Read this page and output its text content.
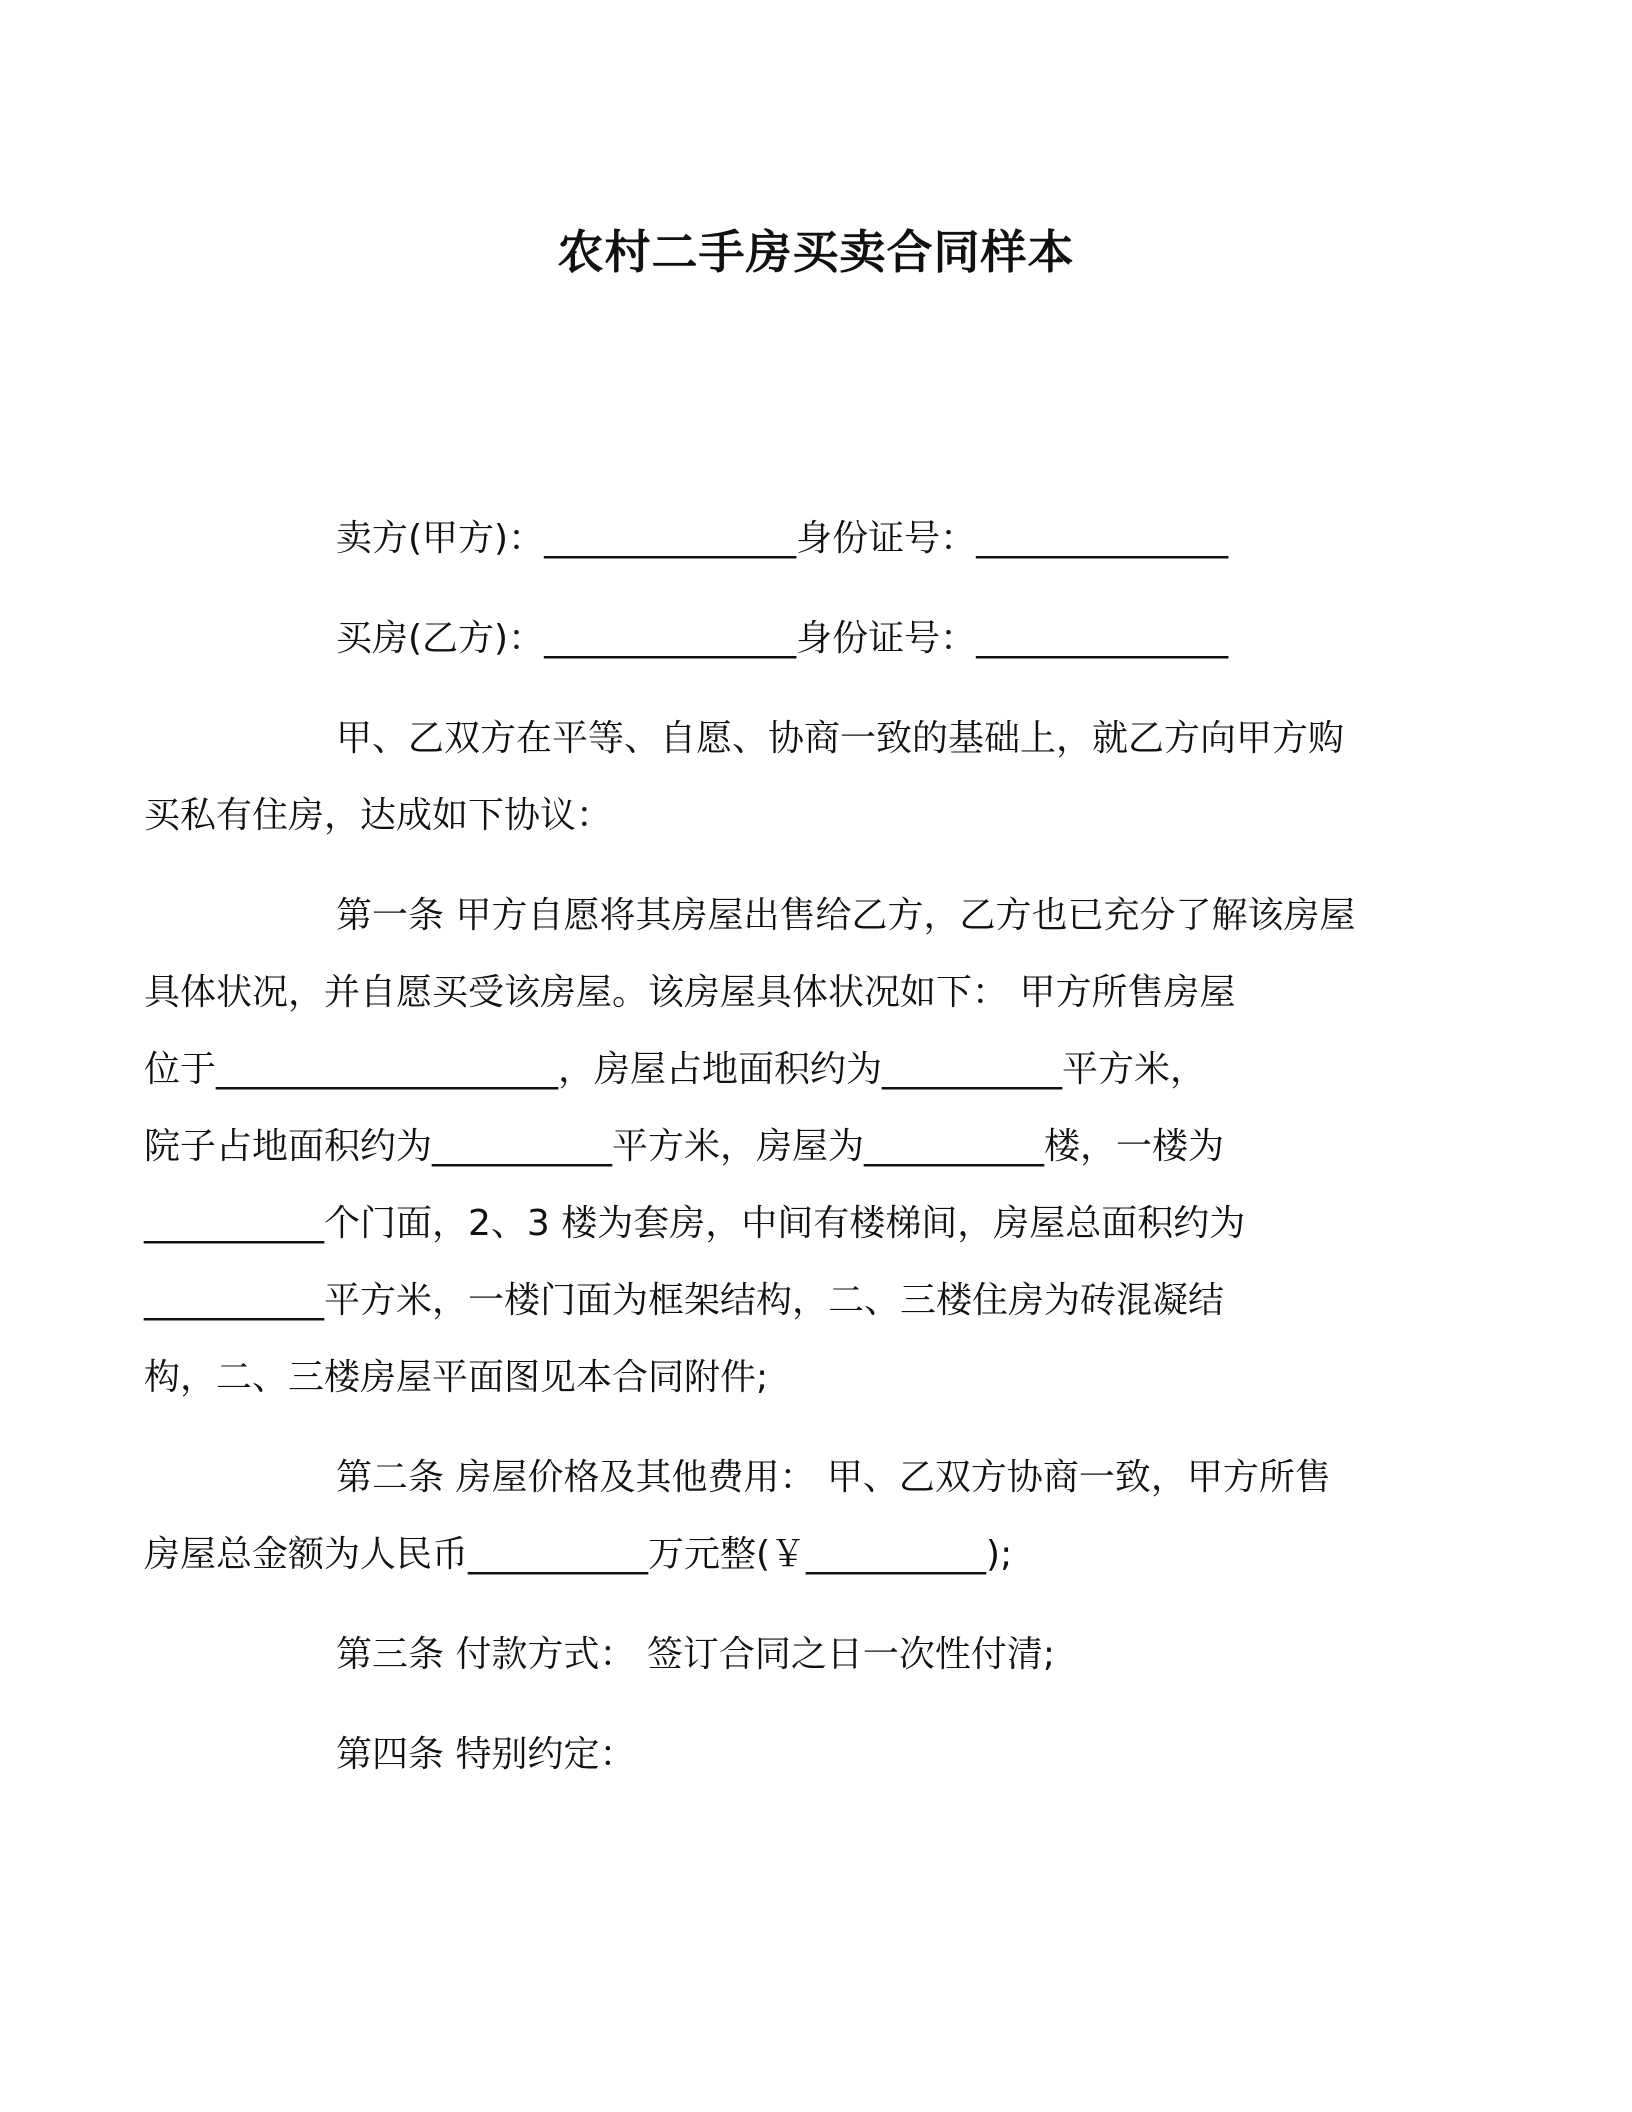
农村二手房买卖合同样本

卖方(甲方)：______________身份证号：______________

买房(乙方)：______________身份证号：______________

甲、乙双方在平等、自愿、协商一致的基础上，就乙方向甲方购
买私有住房，达成如下协议：
第一条 甲方自愿将其房屋出售给乙方，乙方也已充分了解该房屋
具体状况，并自愿买受该房屋。该房屋具体状况如下： 甲方所售房屋
位于___________________，房屋占地面积约为__________平方米，
院子占地面积约为__________平方米，房屋为__________楼，一楼为
__________个门面，2、3 楼为套房，中间有楼梯间，房屋总面积约为
__________平方米，一楼门面为框架结构，二、三楼住房为砖混凝结
构，二、三楼房屋平面图见本合同附件;
第二条 房屋价格及其他费用： 甲、乙双方协商一致，甲方所售
房屋总金额为人民币__________万元整(￥__________);

第三条 付款方式： 签订合同之日一次性付清;

第四条 特别约定：
